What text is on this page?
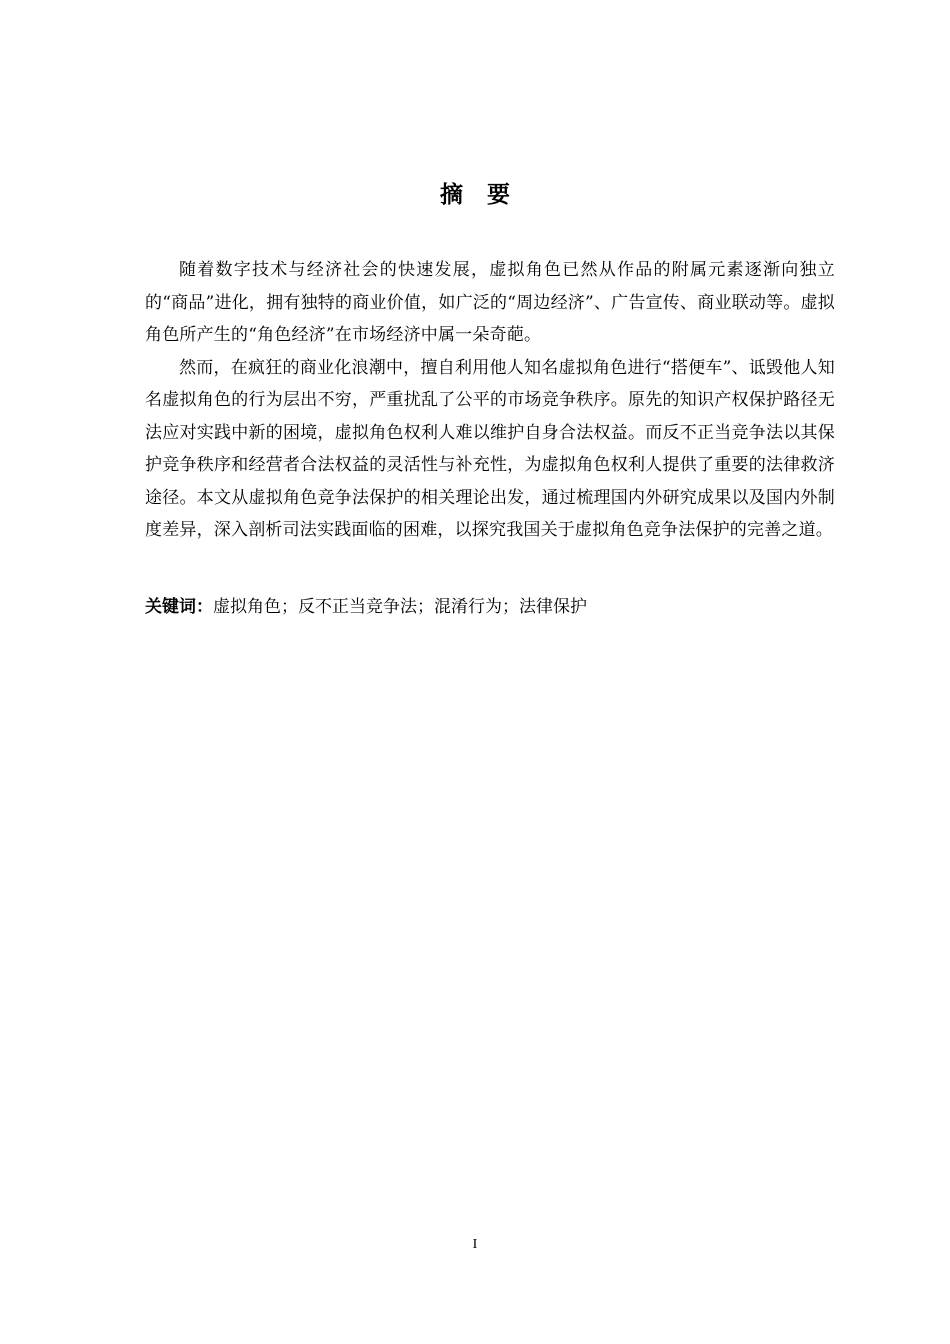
摘 要

随着数字技术与经济社会的快速发展，虚拟角色已然从作品的附属元素逐渐向独立的“商品”进化，拥有独特的商业价值，如广泛的“周边经济”、广告宣传、商业联动等。虚拟角色所产生的“角色经济”在市场经济中属一朵奇葩。

然而，在疯狂的商业化浪潮中，擅自利用他人知名虚拟角色进行“搭便车”、诋毁他人知名虚拟角色的行为层出不穷，严重扰乱了公平的市场竞争秩序。原先的知识产权保护路径无法应对实践中新的困境，虚拟角色权利人难以维护自身合法权益。而反不正当竞争法以其保护竞争秩序和经营者合法权益的灵活性与补充性，为虚拟角色权利人提供了重要的法律救济途径。本文从虚拟角色竞争法保护的相关理论出发，通过梳理国内外研究成果以及国内外制度差异，深入剖析司法实践面临的困难，以探究我国关于虚拟角色竞争法保护的完善之道。

关键词：虚拟角色；反不正当竞争法；混淆行为；法律保护
I
